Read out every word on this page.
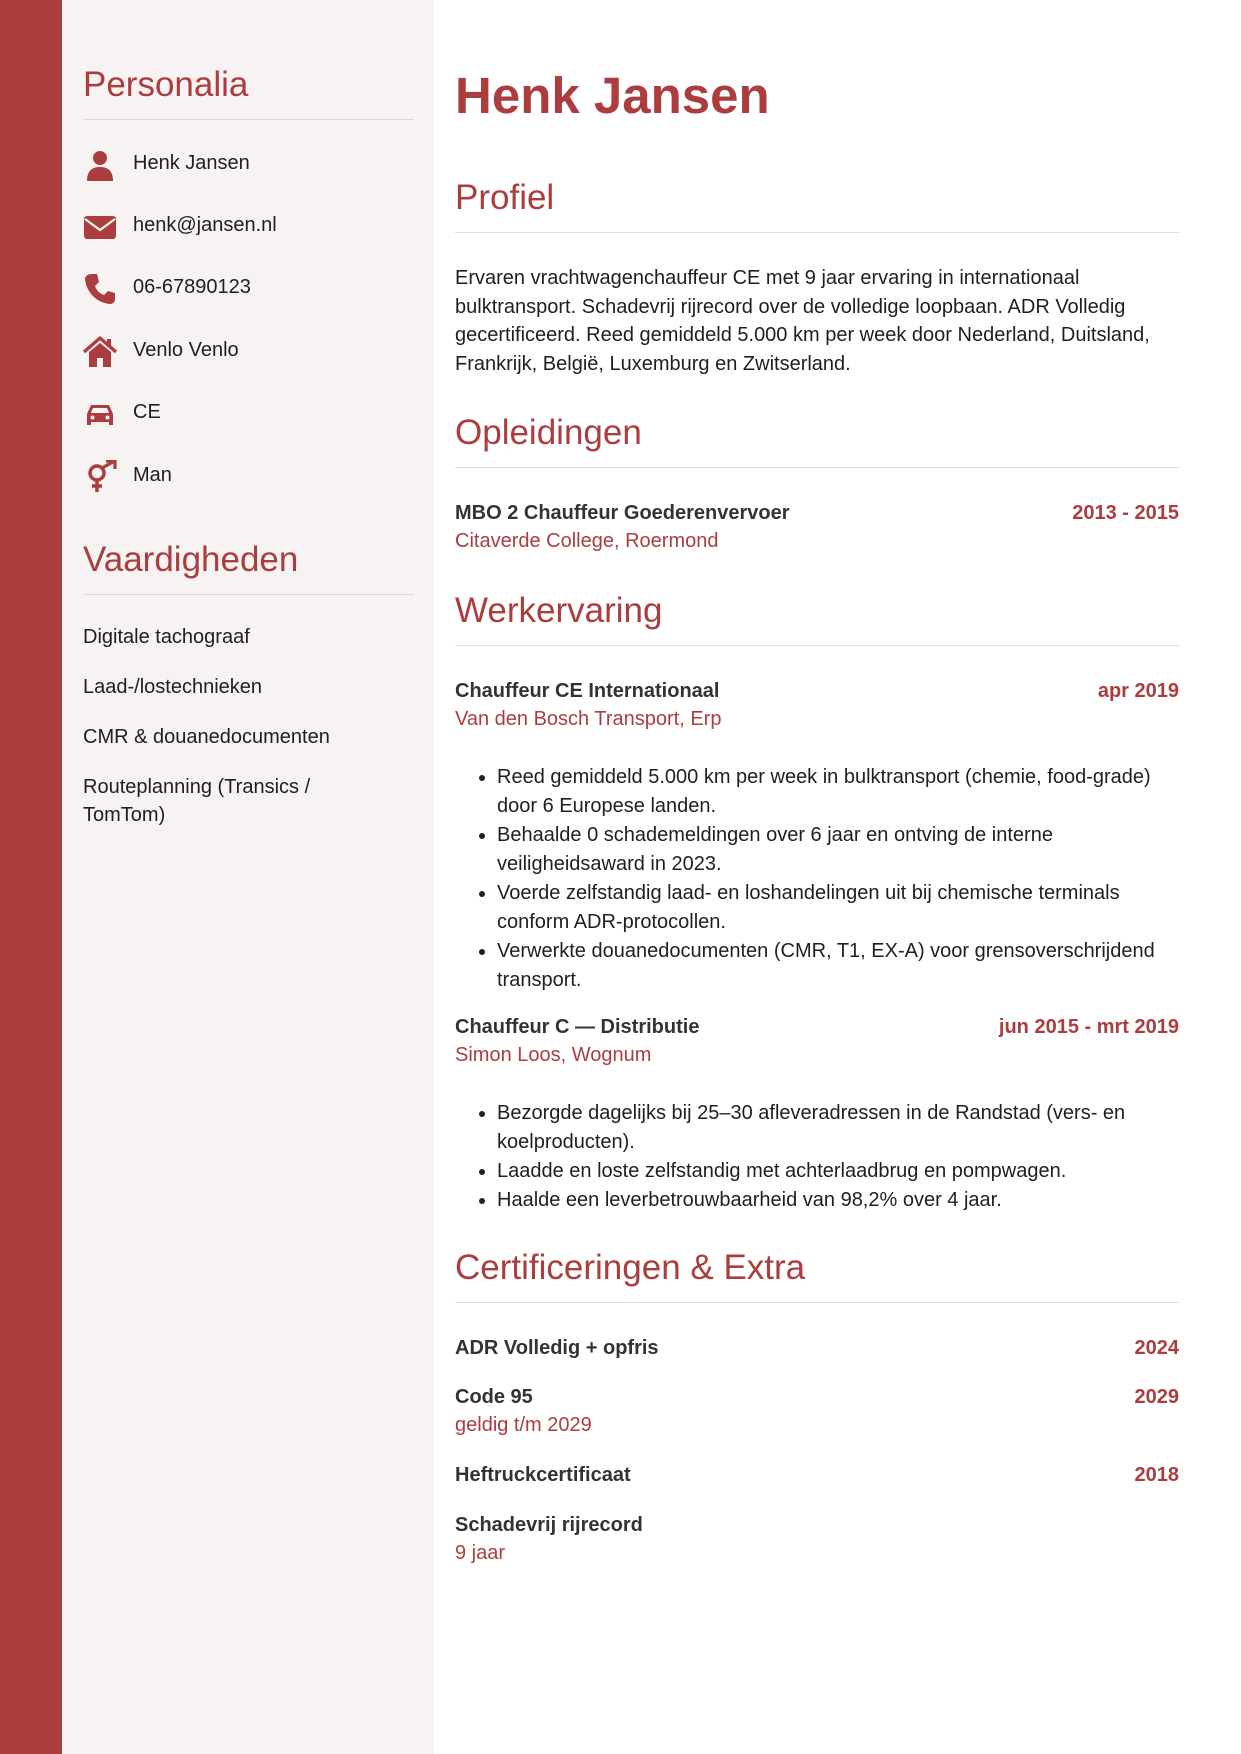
Personalia
Henk Jansen
henk@jansen.nl
06-67890123
Venlo Venlo
CE
Man
Vaardigheden
Digitale tachograaf
Laad-/lostechnieken
CMR & douanedocumenten
Routeplanning (Transics / TomTom)
Henk Jansen
Profiel

Ervaren vrachtwagenchauffeur CE met 9 jaar ervaring in internationaal bulktransport. Schadevrij rijrecord over de volledige loopbaan. ADR Volledig gecertificeerd. Reed gemiddeld 5.000 km per week door Nederland, Duitsland, Frankrijk, België, Luxemburg en Zwitserland.

Opleidingen
MBO 2 Chauffeur Goederenvervoer	2013 - 2015
Citaverde College, Roermond
Werkervaring
Chauffeur CE Internationaal	apr 2019
Van den Bosch Transport, Erp
• Reed gemiddeld 5.000 km per week in bulktransport (chemie, food-grade) door 6 Europese landen.
• Behaalde 0 schademeldingen over 6 jaar en ontving de interne veiligheidsaward in 2023.
• Voerde zelfstandig laad- en loshandelingen uit bij chemische terminals conform ADR-protocollen.
• Verwerkte douanedocumenten (CMR, T1, EX-A) voor grensoverschrijdend transport.
Chauffeur C — Distributie	jun 2015 - mrt 2019
Simon Loos, Wognum
• Bezorgde dagelijks bij 25–30 afleveradressen in de Randstad (vers- en koelproducten).
• Laadde en loste zelfstandig met achterlaadbrug en pompwagen.
• Haalde een leverbetrouwbaarheid van 98,2% over 4 jaar.
Certificeringen & Extra
ADR Volledig + opfris	2024
Code 95	2029
geldig t/m 2029
Heftruckcertificaat	2018
Schadevrij rijrecord
9 jaar
